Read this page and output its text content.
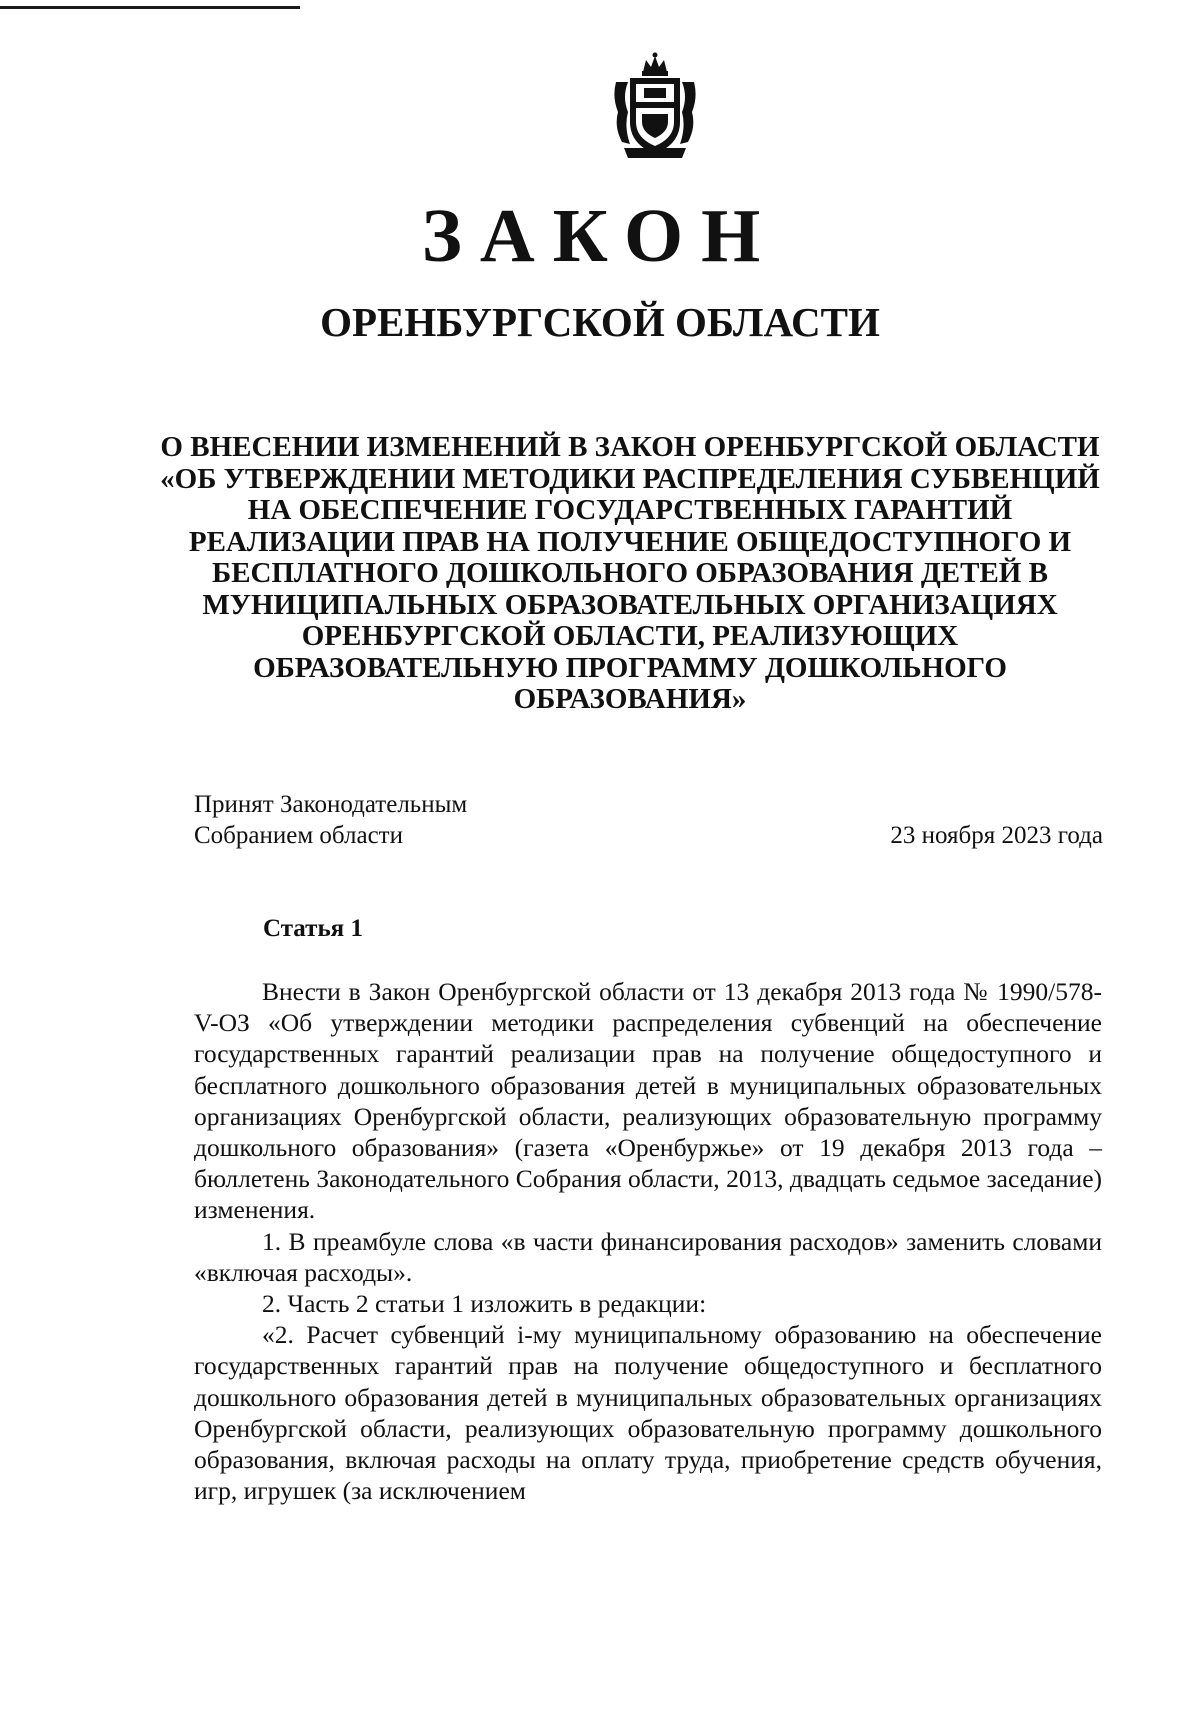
ЗАКОН
ОРЕНБУРГСКОЙ ОБЛАСТИ
О ВНЕСЕНИИ ИЗМЕНЕНИЙ В ЗАКОН ОРЕНБУРГСКОЙ ОБЛАСТИ
«ОБ УТВЕРЖДЕНИИ МЕТОДИКИ РАСПРЕДЕЛЕНИЯ СУБВЕНЦИЙ
НА ОБЕСПЕЧЕНИЕ ГОСУДАРСТВЕННЫХ ГАРАНТИЙ
РЕАЛИЗАЦИИ ПРАВ НА ПОЛУЧЕНИЕ ОБЩЕДОСТУПНОГО И
БЕСПЛАТНОГО ДОШКОЛЬНОГО ОБРАЗОВАНИЯ ДЕТЕЙ В
МУНИЦИПАЛЬНЫХ ОБРАЗОВАТЕЛЬНЫХ ОРГАНИЗАЦИЯХ
ОРЕНБУРГСКОЙ ОБЛАСТИ, РЕАЛИЗУЮЩИХ
ОБРАЗОВАТЕЛЬНУЮ ПРОГРАММУ ДОШКОЛЬНОГО
ОБРАЗОВАНИЯ»
Принят Законодательным
Собранием области	23 ноября 2023 года
Статья 1

Внести в Закон Оренбургской области от 13 декабря 2013 года № 1990/578-V-ОЗ «Об утверждении методики распределения субвенций на обеспечение государственных гарантий реализации прав на получение общедоступного и бесплатного дошкольного образования детей в муниципальных образовательных организациях Оренбургской области, реализующих образовательную программу дошкольного образования» (газета «Оренбуржье» от 19 декабря 2013 года – бюллетень Законодательного Собрания области, 2013, двадцать седьмое заседание) изменения.

1. В преамбуле слова «в части финансирования расходов» заменить словами «включая расходы».

2. Часть 2 статьи 1 изложить в редакции:

«2. Расчет субвенций i-му муниципальному образованию на обеспечение государственных гарантий прав на получение общедоступного и бесплатного дошкольного образования детей в муниципальных образовательных организациях Оренбургской области, реализующих образовательную программу дошкольного образования, включая расходы на оплату труда, приобретение средств обучения, игр, игрушек (за исключением
